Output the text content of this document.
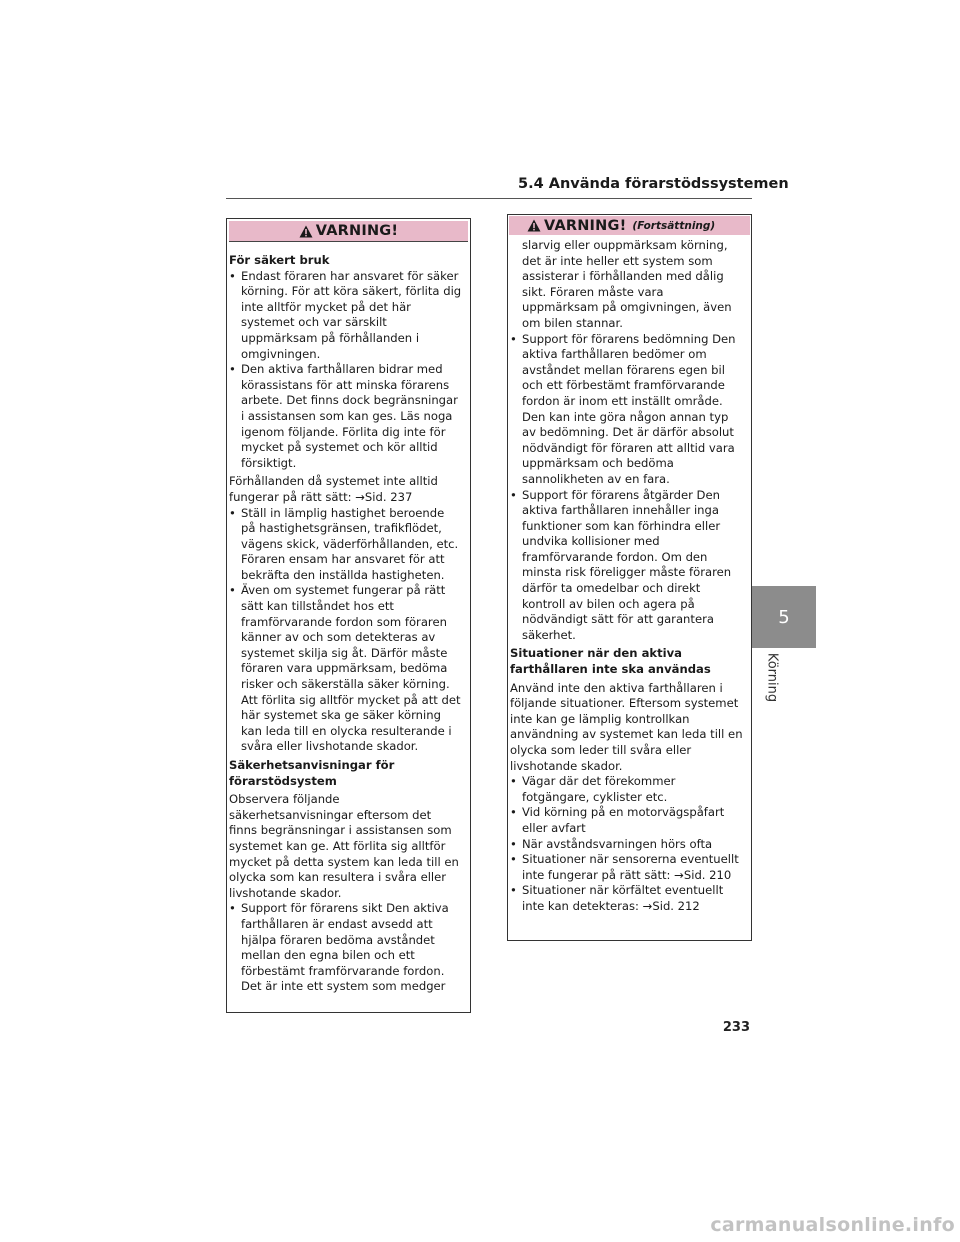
5.4 Använda förarstödssystemen
VARNING!
För säkert bruk
• Endast föraren har ansvaret för säker körning. För att köra säkert, förlita dig inte alltför mycket på det här systemet och var särskilt uppmärksam på förhållanden i omgivningen.
• Den aktiva farthållaren bidrar med körassistans för att minska förarens arbete. Det finns dock begränsningar i assistansen som kan ges. Läs noga igenom följande. Förlita dig inte för mycket på systemet och kör alltid försiktigt.
Förhållanden då systemet inte alltid fungerar på rätt sätt: →Sid. 237
• Ställ in lämplig hastighet beroende på hastighetsgränsen, trafikflödet, vägens skick, väderförhållanden, etc. Föraren ensam har ansvaret för att bekräfta den inställda hastigheten.
• Även om systemet fungerar på rätt sätt kan tillståndet hos ett framförvarande fordon som föraren känner av och som detekteras av systemet skilja sig åt. Därför måste föraren vara uppmärksam, bedöma risker och säkerställa säker körning. Att förlita sig alltför mycket på att det här systemet ska ge säker körning kan leda till en olycka resulterande i svåra eller livshotande skador.
Säkerhetsanvisningar för förarstödsystem
Observera följande säkerhetsanvisningar eftersom det finns begränsningar i assistansen som systemet kan ge. Att förlita sig alltför mycket på detta system kan leda till en olycka som kan resultera i svåra eller livshotande skador.
• Support för förarens sikt Den aktiva farthållaren är endast avsedd att hjälpa föraren bedöma avståndet mellan den egna bilen och ett förbestämt framförvarande fordon. Det är inte ett system som medger
VARNING! (Fortsättning)
slarvig eller ouppmärksam körning, det är inte heller ett system som assisterar i förhållanden med dålig sikt. Föraren måste vara uppmärksam på omgivningen, även om bilen stannar.
• Support för förarens bedömning Den aktiva farthållaren bedömer om avståndet mellan förarens egen bil och ett förbestämt framförvarande fordon är inom ett inställt område. Den kan inte göra någon annan typ av bedömning. Det är därför absolut nödvändigt för föraren att alltid vara uppmärksam och bedöma sannolikheten av en fara.
• Support för förarens åtgärder Den aktiva farthållaren innehåller inga funktioner som kan förhindra eller undvika kollisioner med framförvarande fordon. Om den minsta risk föreligger måste föraren därför ta omedelbar och direkt kontroll av bilen och agera på nödvändigt sätt för att garantera säkerhet.
Situationer när den aktiva farthållaren inte ska användas
Använd inte den aktiva farthållaren i följande situationer. Eftersom systemet inte kan ge lämplig kontrollkan användning av systemet kan leda till en olycka som leder till svåra eller livshotande skador.
• Vägar där det förekommer fotgängare, cyklister etc.
• Vid körning på en motorvägspåfart eller avfart
• När avståndsvarningen hörs ofta
• Situationer när sensorerna eventuellt inte fungerar på rätt sätt: →Sid. 210
• Situationer när körfältet eventuellt inte kan detekteras: →Sid. 212
5
Körning
233
carmanualsonline.info
